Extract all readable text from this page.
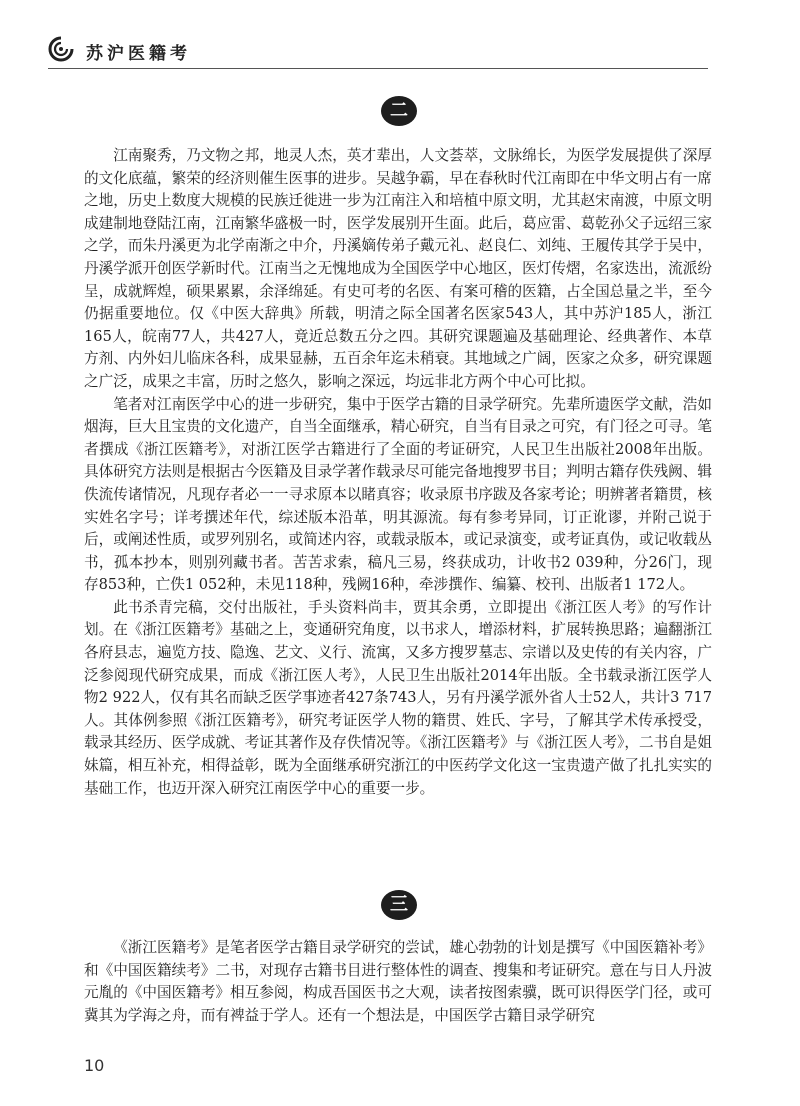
苏沪医籍考
二

江南聚秀，乃文物之邦，地灵人杰，英才辈出，人文荟萃，文脉绵长，为医学发展提供了深厚的文化底蕴，繁荣的经济则催生医事的进步。吴越争霸，早在春秋时代江南即在中华文明占有一席之地，历史上数度大规模的民族迁徙进一步为江南注入和培植中原文明，尤其赵宋南渡，中原文明成建制地登陆江南，江南繁华盛极一时，医学发展别开生面。此后，葛应雷、葛乾孙父子远绍三家之学，而朱丹溪更为北学南渐之中介，丹溪嫡传弟子戴元礼、赵良仁、刘纯、王履传其学于吴中，丹溪学派开创医学新时代。江南当之无愧地成为全国医学中心地区，医灯传熠，名家迭出，流派纷呈，成就辉煌，硕果累累，余泽绵延。有史可考的名医、有案可稽的医籍，占全国总量之半，至今仍据重要地位。仅《中医大辞典》所载，明清之际全国著名医家543人，其中苏沪185人，浙江165人，皖南77人，共427人，竟近总数五分之四。其研究课题遍及基础理论、经典著作、本草方剂、内外妇儿临床各科，成果显赫，五百余年迄未稍衰。其地域之广阔，医家之众多，研究课题之广泛，成果之丰富，历时之悠久，影响之深远，均远非北方两个中心可比拟。

笔者对江南医学中心的进一步研究，集中于医学古籍的目录学研究。先辈所遗医学文献，浩如烟海，巨大且宝贵的文化遗产，自当全面继承，精心研究，自当有目录之可究，有门径之可寻。笔者撰成《浙江医籍考》，对浙江医学古籍进行了全面的考证研究，人民卫生出版社2008年出版。具体研究方法则是根据古今医籍及目录学著作载录尽可能完备地搜罗书目；判明古籍存佚残阙、辑佚流传诸情况，凡现存者必一一寻求原本以睹真容；收录原书序跋及各家考论；明辨著者籍贯，核实姓名字号；详考撰述年代，综述版本沿革，明其源流。每有参考异同，订正讹谬，并附己说于后，或阐述性质，或罗列别名，或简述内容，或载录版本，或记录演变，或考证真伪，或记收载丛书，孤本抄本，则别列藏书者。苦苦求索，稿凡三易，终获成功，计收书2 039种，分26门，现存853种，亡佚1 052种，未见118种，残阙16种，牵涉撰作、编纂、校刊、出版者1 172人。

此书杀青完稿，交付出版社，手头资料尚丰，贾其余勇，立即提出《浙江医人考》的写作计划。在《浙江医籍考》基础之上，变通研究角度，以书求人，增添材料，扩展转换思路；遍翻浙江各府县志，遍览方技、隐逸、艺文、义行、流寓，又多方搜罗墓志、宗谱以及史传的有关内容，广泛参阅现代研究成果，而成《浙江医人考》，人民卫生出版社2014年出版。全书载录浙江医学人物2 922人，仅有其名而缺乏医学事迹者427条743人，另有丹溪学派外省人士52人，共计3 717人。其体例参照《浙江医籍考》，研究考证医学人物的籍贯、姓氏、字号，了解其学术传承授受，载录其经历、医学成就、考证其著作及存佚情况等。《浙江医籍考》与《浙江医人考》，二书自是姐妹篇，相互补充，相得益彰，既为全面继承研究浙江的中医药学文化这一宝贵遗产做了扎扎实实的基础工作，也迈开深入研究江南医学中心的重要一步。

三

《浙江医籍考》是笔者医学古籍目录学研究的尝试，雄心勃勃的计划是撰写《中国医籍补考》和《中国医籍续考》二书，对现存古籍书目进行整体性的调查、搜集和考证研究。意在与日人丹波元胤的《中国医籍考》相互参阅，构成吾国医书之大观，读者按图索骥，既可识得医学门径，或可冀其为学海之舟，而有裨益于学人。还有一个想法是，中国医学古籍目录学研究

10
